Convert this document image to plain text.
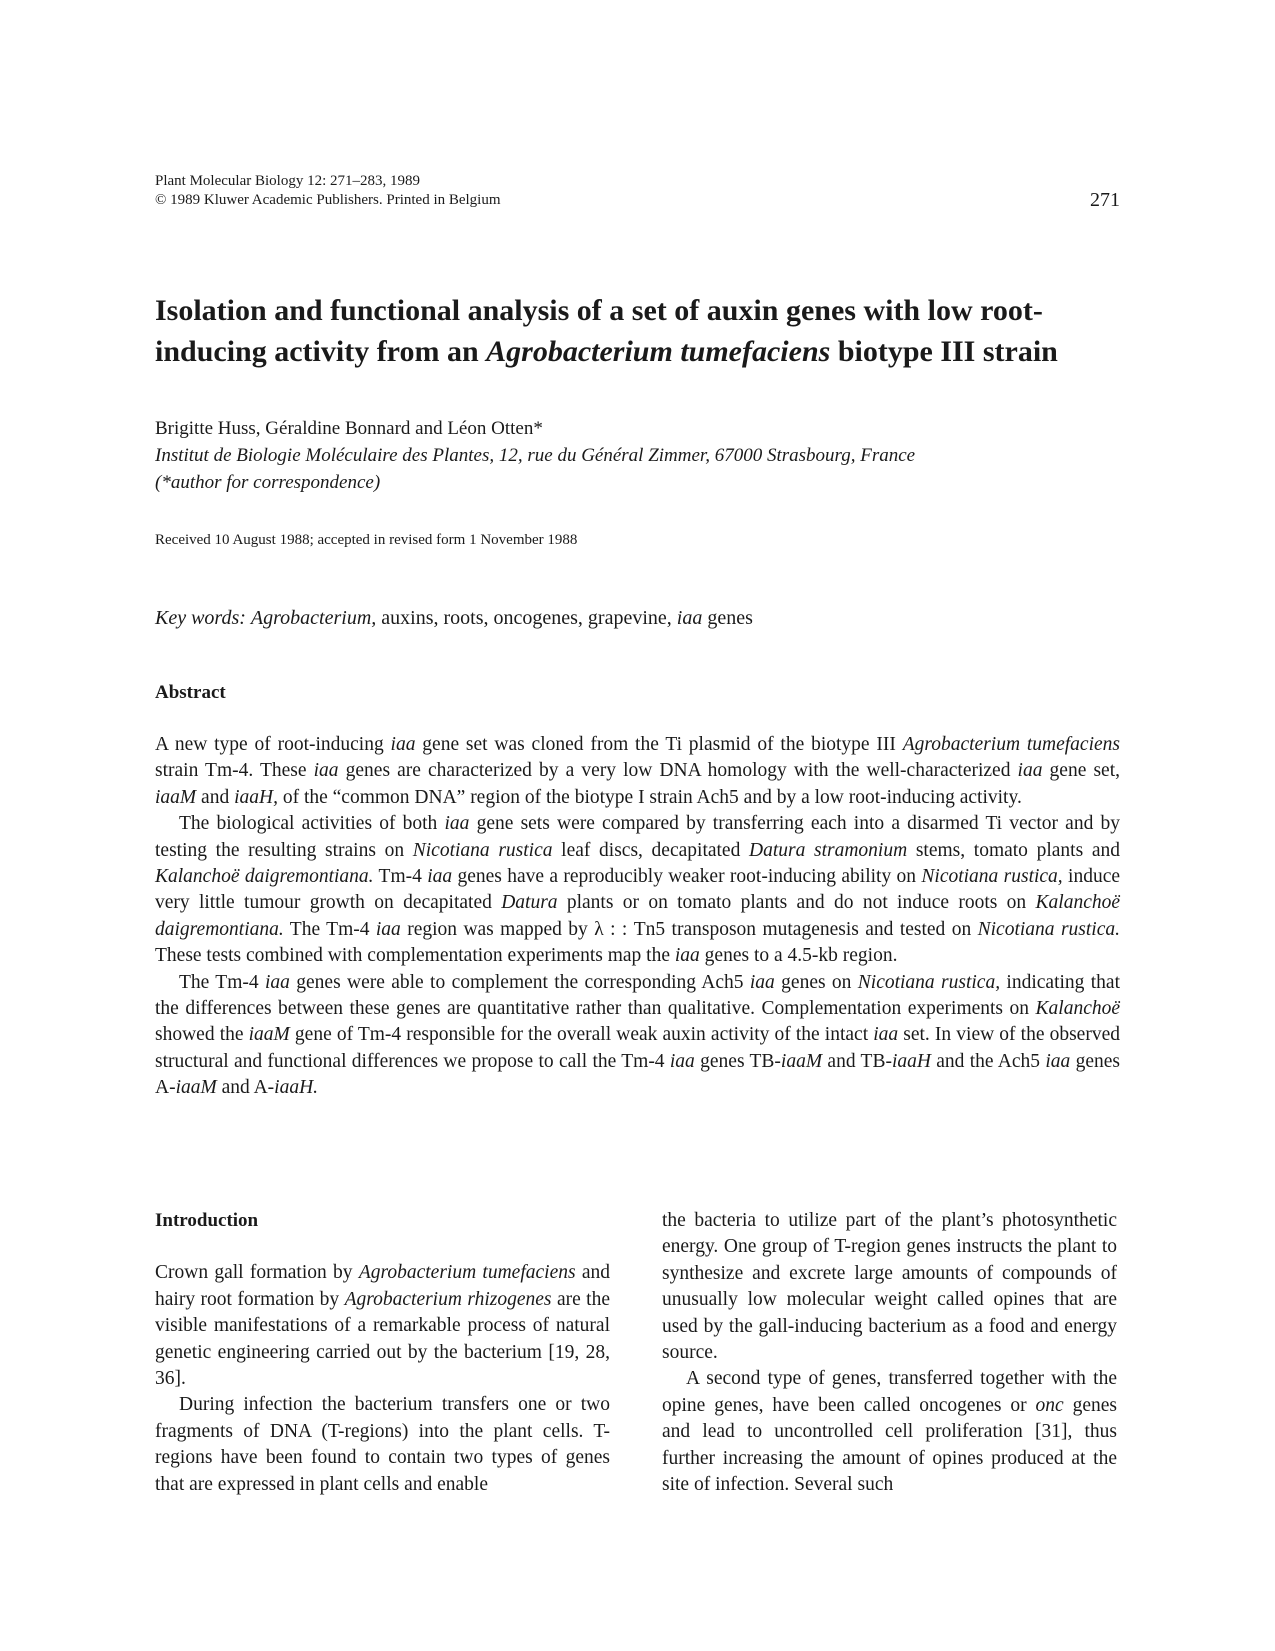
Plant Molecular Biology 12: 271–283, 1989
© 1989 Kluwer Academic Publishers. Printed in Belgium	271
Isolation and functional analysis of a set of auxin genes with low root-inducing activity from an Agrobacterium tumefaciens biotype III strain
Brigitte Huss, Géraldine Bonnard and Léon Otten*
Institut de Biologie Moléculaire des Plantes, 12, rue du Général Zimmer, 67000 Strasbourg, France
(*author for correspondence)
Received 10 August 1988; accepted in revised form 1 November 1988
Key words: Agrobacterium, auxins, roots, oncogenes, grapevine, iaa genes
Abstract

A new type of root-inducing iaa gene set was cloned from the Ti plasmid of the biotype III Agrobacterium tumefaciens strain Tm-4. These iaa genes are characterized by a very low DNA homology with the well-characterized iaa gene set, iaaM and iaaH, of the “common DNA” region of the biotype I strain Ach5 and by a low root-inducing activity.

The biological activities of both iaa gene sets were compared by transferring each into a disarmed Ti vector and by testing the resulting strains on Nicotiana rustica leaf discs, decapitated Datura stramonium stems, tomato plants and Kalanchoë daigremontiana. Tm-4 iaa genes have a reproducibly weaker root-inducing ability on Nicotiana rustica, induce very little tumour growth on decapitated Datura plants or on tomato plants and do not induce roots on Kalanchoë daigremontiana. The Tm-4 iaa region was mapped by λ : : Tn5 transposon mutagenesis and tested on Nicotiana rustica. These tests combined with complementation experiments map the iaa genes to a 4.5-kb region.

The Tm-4 iaa genes were able to complement the corresponding Ach5 iaa genes on Nicotiana rustica, indicating that the differences between these genes are quantitative rather than qualitative. Complementation experiments on Kalanchoë showed the iaaM gene of Tm-4 responsible for the overall weak auxin activity of the intact iaa set. In view of the observed structural and functional differences we propose to call the Tm-4 iaa genes TB-iaaM and TB-iaaH and the Ach5 iaa genes A-iaaM and A-iaaH.

Introduction

Crown gall formation by Agrobacterium tumefaciens and hairy root formation by Agrobacterium rhizogenes are the visible manifestations of a remarkable process of natural genetic engineering carried out by the bacterium [19, 28, 36].

During infection the bacterium transfers one or two fragments of DNA (T-regions) into the plant cells. T-regions have been found to contain two types of genes that are expressed in plant cells and enable

the bacteria to utilize part of the plant’s photosynthetic energy. One group of T-region genes instructs the plant to synthesize and excrete large amounts of compounds of unusually low molecular weight called opines that are used by the gall-inducing bacterium as a food and energy source.

A second type of genes, transferred together with the opine genes, have been called oncogenes or onc genes and lead to uncontrolled cell proliferation [31], thus further increasing the amount of opines produced at the site of infection. Several such
